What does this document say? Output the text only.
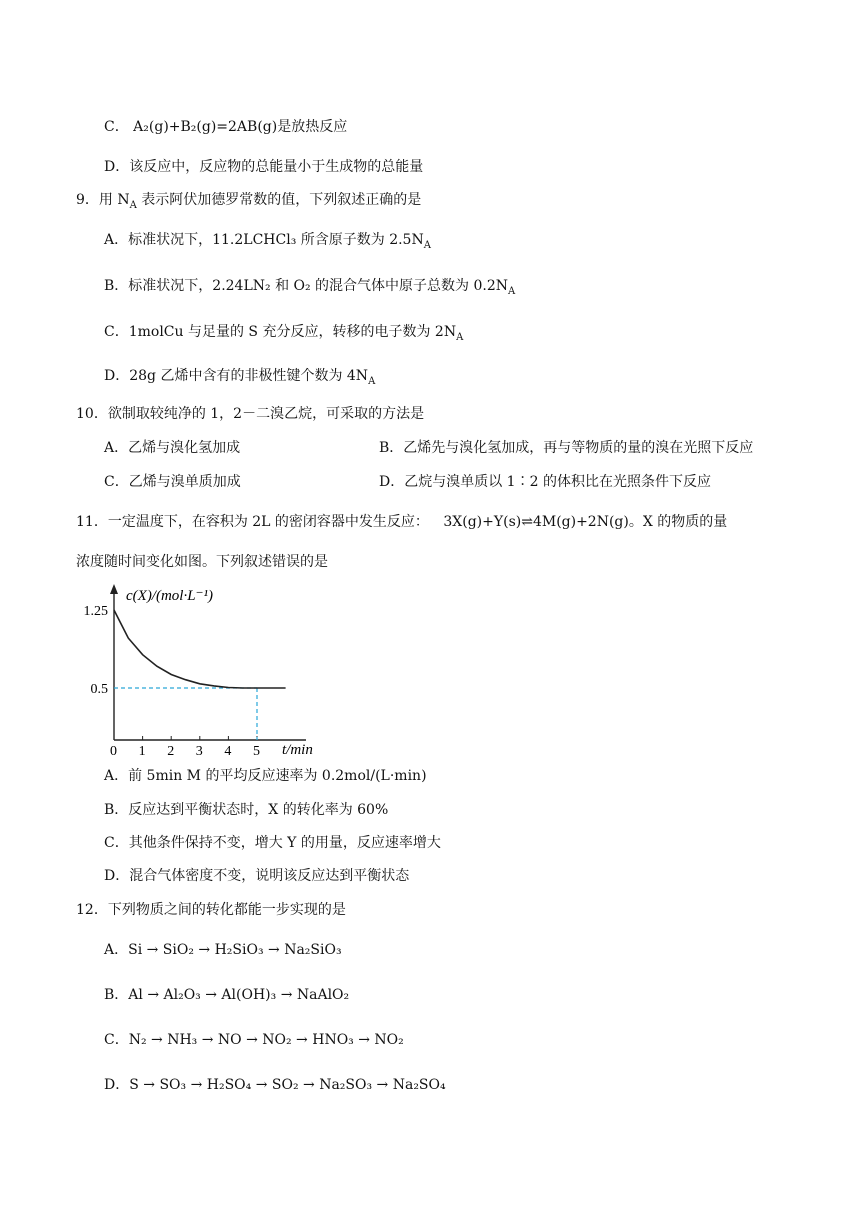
C． A₂(g)+B₂(g)=2AB(g)是放热反应
D．该反应中，反应物的总能量小于生成物的总能量
9．用 $N_A$ 表示阿伏加德罗常数的值，下列叙述正确的是
A．标准状况下，11.2LCHCl₃ 所含原子数为 $2.5N_A$
B．标准状况下，2.24LN₂ 和 O₂ 的混合气体中原子总数为 $0.2N_A$
C．1molCu 与足量的 S 充分反应，转移的电子数为 $2N_A$
D．28g 乙烯中含有的非极性键个数为 $4N_A$
10．欲制取较纯净的 1，2－二溴乙烷，可采取的方法是
A．乙烯与溴化氢加成	B．乙烯先与溴化氢加成，再与等物质的量的溴在光照下反应
C．乙烯与溴单质加成	D．乙烷与溴单质以 1∶2 的体积比在光照条件下反应
11．一定温度下，在容积为 2L 的密闭容器中发生反应： 3X(g)+Y(s)⇌4M(g)+2N(g)。X 的物质的量
浓度随时间变化如图。下列叙述错误的是
c(X)/(mol·L⁻¹)
t/min
0 1 2 3 4 5
1.25
0.5
A．前 5min M 的平均反应速率为 0.2mol/(L·min)
B．反应达到平衡状态时，X 的转化率为 60%
C．其他条件保持不变，增大 Y 的用量，反应速率增大
D．混合气体密度不变，说明该反应达到平衡状态
12．下列物质之间的转化都能一步实现的是
A．Si → SiO₂ → H₂SiO₃ → Na₂SiO₃
B．Al → Al₂O₃ → Al(OH)₃ → NaAlO₂
C．N₂ → NH₃ → NO → NO₂ → HNO₃ → NO₂
D．S → SO₃ → H₂SO₄ → SO₂ → Na₂SO₃ → Na₂SO₄
